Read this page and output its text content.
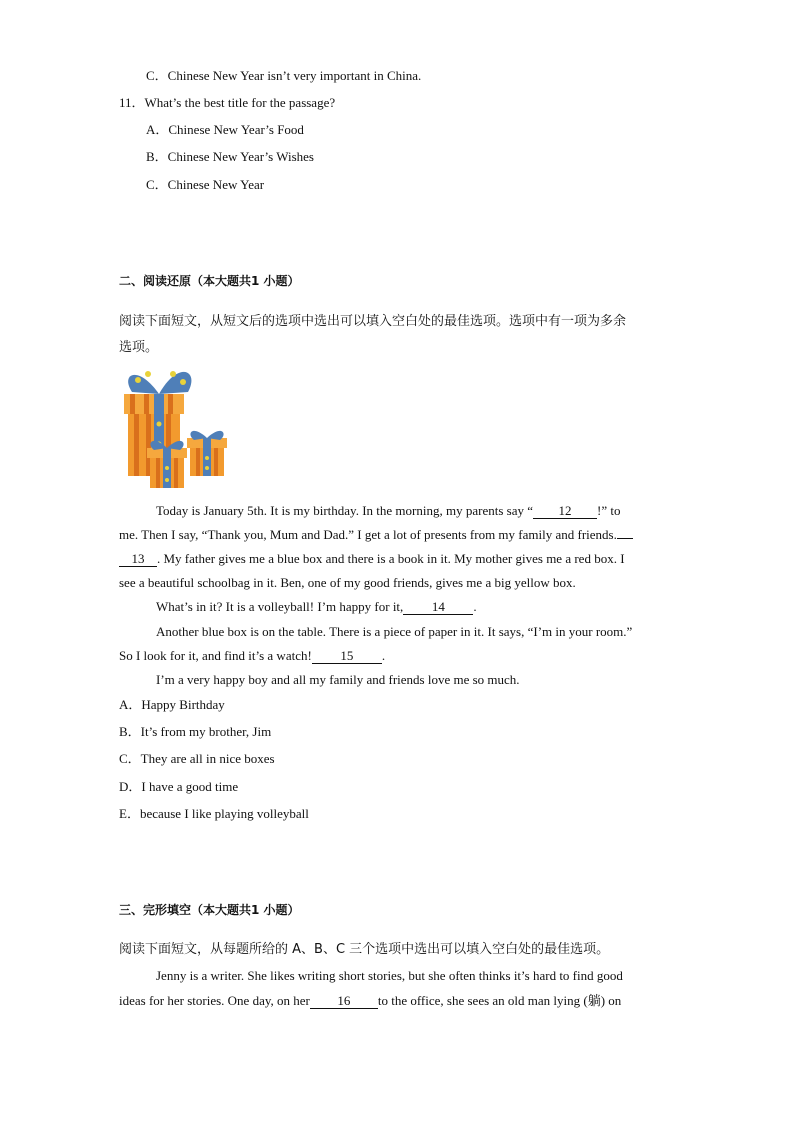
C．Chinese New Year isn’t very important in China.
11．What’s the best title for the passage?
A．Chinese New Year’s Food
B．Chinese New Year’s Wishes
C．Chinese New Year
二、阅读还原（本大题共1 小题）
阅读下面短文，从短文后的选项中选出可以填入空白处的最佳选项。选项中有一项为多余
选项。
Today is January 5th. It is my birthday. In the morning, my parents say “ 12 !” to
me. Then I say, “Thank you, Mum and Dad.” I get a lot of presents from my family and friends.
13 . My father gives me a blue box and there is a book in it. My mother gives me a red box. I
see a beautiful schoolbag in it. Ben, one of my good friends, gives me a big yellow box.
What’s in it? It is a volleyball! I’m happy for it, 14 .
Another blue box is on the table. There is a piece of paper in it. It says, “I’m in your room.”
So I look for it, and find it’s a watch! 15 .
I’m a very happy boy and all my family and friends love me so much.
A．Happy Birthday
B．It’s from my brother, Jim
C．They are all in nice boxes
D．I have a good time
E．because I like playing volleyball
三、完形填空（本大题共1 小题）
阅读下面短文，从每题所给的 A、B、C 三个选项中选出可以填入空白处的最佳选项。
Jenny is a writer. She likes writing short stories, but she often thinks it’s hard to find good
ideas for her stories. One day, on her 16 to the office, she sees an old man lying (躺) on
